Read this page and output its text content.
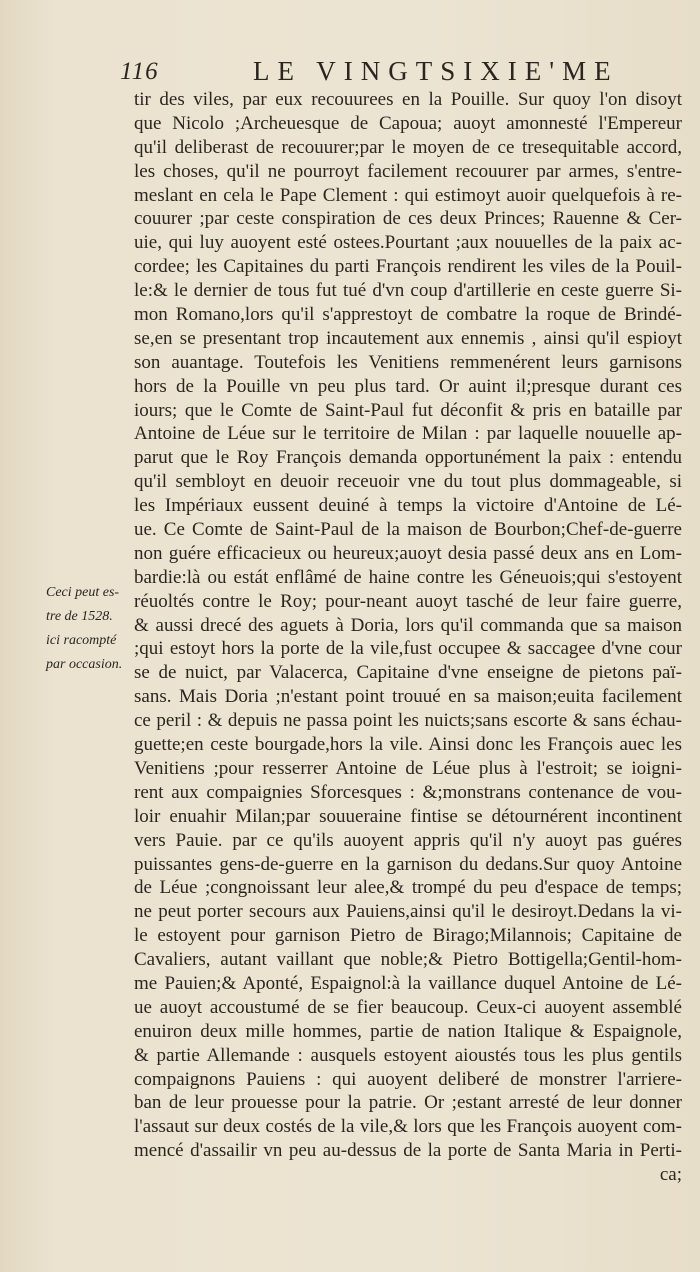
116	LE VINGTSIXIE'ME
tir des viles, par eux recouurees en la Pouille. Sur quoy l'on disoyt
que Nicolo ;Archeuesque de Capoua; auoyt amonnesté l'Empereur
qu'il deliberast de recouurer;par le moyen de ce tresequitable accord,
les choses, qu'il ne pourroyt facilement recouurer par armes, s'entre-
meslant en cela le Pape Clement : qui estimoyt auoir quelquefois à re-
couurer ;par ceste conspiration de ces deux Princes; Rauenne & Cer-
uie, qui luy auoyent esté ostees.Pourtant ;aux nouuelles de la paix ac-
cordee; les Capitaines du parti François rendirent les viles de la Pouil-
le:& le dernier de tous fut tué d'vn coup d'artillerie en ceste guerre Si-
mon Romano,lors qu'il s'apprestoyt de combatre la roque de Brindé-
se,en se presentant trop incautement aux ennemis , ainsi qu'il espioyt
son auantage. Toutefois les Venitiens remmenérent leurs garnisons
hors de la Pouille vn peu plus tard. Or auint il;presque durant ces
iours; que le Comte de Saint-Paul fut déconfit & pris en bataille par
Antoine de Léue sur le territoire de Milan : par laquelle nouuelle ap-
parut que le Roy François demanda opportunément la paix : entendu
qu'il sembloyt en deuoir receuoir vne du tout plus dommageable, si
les Impériaux eussent deuiné à temps la victoire d'Antoine de Lé-
ue. Ce Comte de Saint-Paul de la maison de Bourbon;Chef-de-guerre
non guére efficacieux ou heureux;auoyt desia passé deux ans en Lom-
bardie:là ou estát enflâmé de haine contre les Géneuois;qui s'estoyent
réuoltés contre le Roy; pour-neant auoyt tasché de leur faire guerre,
& aussi drecé des aguets à Doria, lors qu'il commanda que sa maison
;qui estoyt hors la porte de la vile,fust occupee & saccagee d'vne cour
se de nuict, par Valacerca, Capitaine d'vne enseigne de pietons paï-
sans. Mais Doria ;n'estant point trouué en sa maison;euita facilement
ce peril : & depuis ne passa point les nuicts;sans escorte & sans échau-
guette;en ceste bourgade,hors la vile. Ainsi donc les François auec les
Venitiens ;pour resserrer Antoine de Léue plus à l'estroit; se ioigni-
rent aux compaignies Sforcesques : &;monstrans contenance de vou-
loir enuahir Milan;par souueraine fintise se détournérent incontinent
vers Pauie. par ce qu'ils auoyent appris qu'il n'y auoyt pas guéres
puissantes gens-de-guerre en la garnison du dedans.Sur quoy Antoine
de Léue ;congnoissant leur alee,& trompé du peu d'espace de temps;
ne peut porter secours aux Pauiens,ainsi qu'il le desiroyt.Dedans la vi-
le estoyent pour garnison Pietro de Birago;Milannois; Capitaine de
Cavaliers, autant vaillant que noble;& Pietro Bottigella;Gentil-hom-
me Pauien;& Aponté, Espaignol:à la vaillance duquel Antoine de Lé-
ue auoyt accoustumé de se fier beaucoup. Ceux-ci auoyent assemblé
enuiron deux mille hommes, partie de nation Italique & Espaignole,
& partie Allemande : ausquels estoyent aioustés tous les plus gentils
compaignons Pauiens : qui auoyent deliberé de monstrer l'arriere-
ban de leur prouesse pour la patrie. Or ;estant arresté de leur donner
l'assaut sur deux costés de la vile,& lors que les François auoyent com-
mencé d'assailir vn peu au-dessus de la porte de Santa Maria in Perti-
ca;
Ceci peut es-
tre de 1528.
ici racompté
par occasion.
